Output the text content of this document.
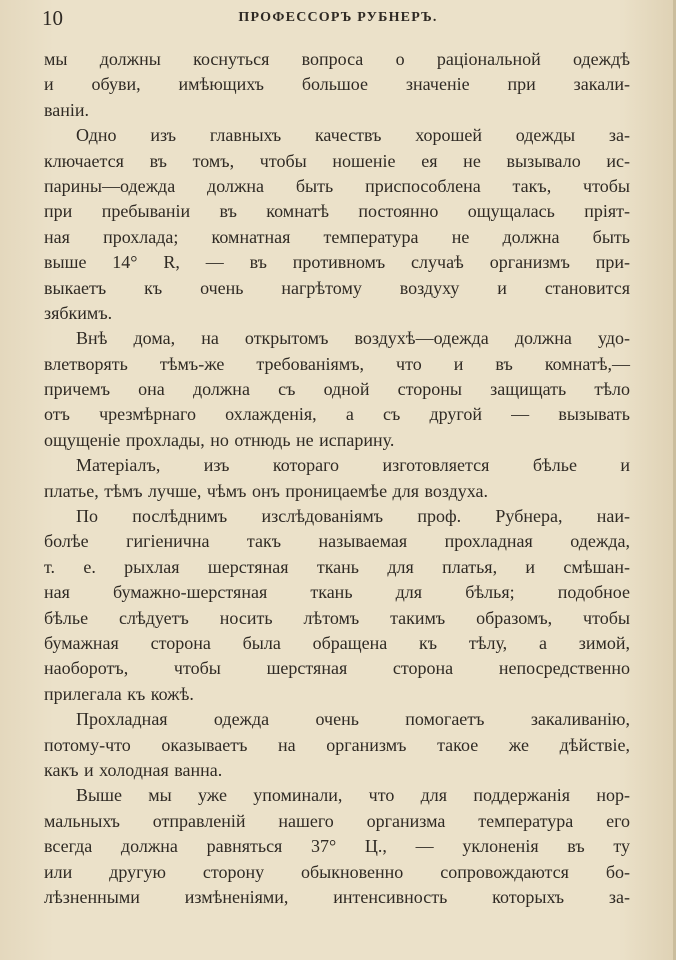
10	ПРОФЕССОРЪ РУБНЕРЪ.
мы должны коснуться вопроса о раціональной одеждѣ
и обуви, имѣющихъ большое значеніе при закали-
ваніи.
Одно изъ главныхъ качествъ хорошей одежды за-
ключается въ томъ, чтобы ношеніе ея не вызывало ис-
парины—одежда должна быть приспособлена такъ, чтобы
при пребываніи въ комнатѣ постоянно ощущалась пріят-
ная прохлада; комнатная температура не должна быть
выше 14° R, — въ противномъ случаѣ организмъ при-
выкаетъ къ очень нагрѣтому воздуху и становится
зябкимъ.
Внѣ дома, на открытомъ воздухѣ—одежда должна удо-
влетворять тѣмъ-же требованіямъ, что и въ комнатѣ,—
причемъ она должна съ одной стороны защищать тѣло
отъ чрезмѣрнаго охлажденія, а съ другой — вызывать
ощущеніе прохлады, но отнюдь не испарину.
Матеріалъ, изъ котораго изготовляется бѣлье и
платье, тѣмъ лучше, чѣмъ онъ проницаемѣе для воздуха.
По послѣднимъ изслѣдованіямъ проф. Рубнера, наи-
болѣе гигіенична такъ называемая прохладная одежда,
т. е. рыхлая шерстяная ткань для платья, и смѣшан-
ная бумажно-шерстяная ткань для бѣлья; подобное
бѣлье слѣдуетъ носить лѣтомъ такимъ образомъ, чтобы
бумажная сторона была обращена къ тѣлу, а зимой,
наоборотъ, чтобы шерстяная сторона непосредственно
прилегала къ кожѣ.
Прохладная одежда очень помогаетъ закаливанію,
потому-что оказываетъ на организмъ такое же дѣйствіе,
какъ и холодная ванна.
Выше мы уже упоминали, что для поддержанія нор-
мальныхъ отправленій нашего организма температура его
всегда должна равняться 37° Ц., — уклоненія въ ту
или другую сторону обыкновенно сопровождаются бо-
лѣзненными измѣненіями, интенсивность которыхъ за-
